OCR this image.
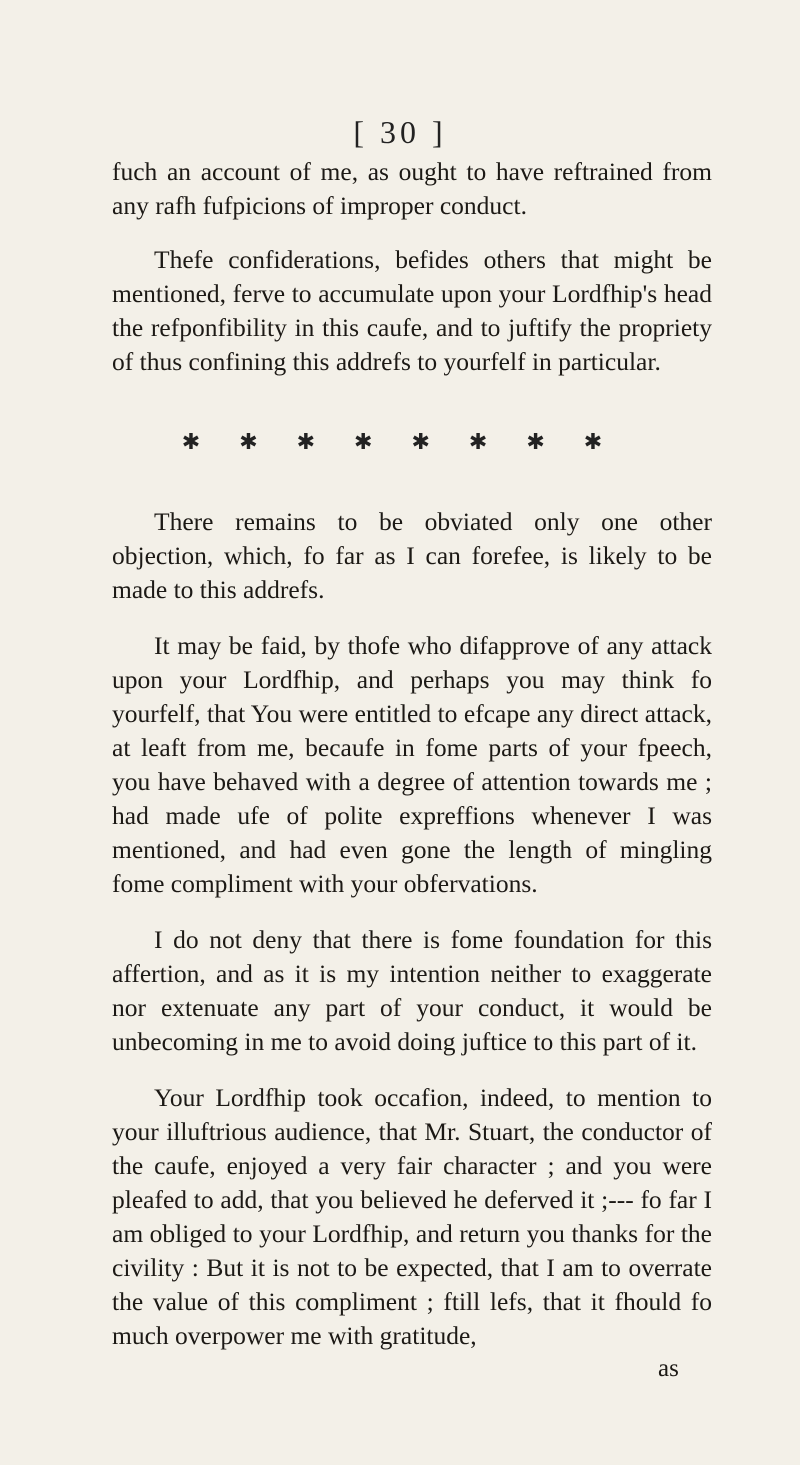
[ 30 ]

fuch an account of me, as ought to have reftrained from any rafh fufpicions of improper conduct.

Thefe confiderations, befides others that might be mentioned, ferve to accumulate upon your Lordfhip's head the refponfibility in this caufe, and to juftify the propriety of thus confining this addrefs to yourfelf in particular.

✱ ✱ ✱ ✱ ✱ ✱ ✱ ✱

There remains to be obviated only one other objection, which, fo far as I can forefee, is likely to be made to this addrefs.

It may be faid, by thofe who difapprove of any attack upon your Lordfhip, and perhaps you may think fo yourfelf, that You were entitled to efcape any direct attack, at leaft from me, becaufe in fome parts of your fpeech, you have behaved with a degree of attention towards me ; had made ufe of polite expreffions whenever I was mentioned, and had even gone the length of mingling fome compliment with your obfervations.

I do not deny that there is fome foundation for this affertion, and as it is my intention neither to exaggerate nor extenuate any part of your conduct, it would be unbecoming in me to avoid doing juftice to this part of it.

Your Lordfhip took occafion, indeed, to mention to your illuftrious audience, that Mr. Stuart, the conductor of the caufe, enjoyed a very fair character ; and you were pleafed to add, that you believed he deferved it ;--- fo far I am obliged to your Lordfhip, and return you thanks for the civility : But it is not to be expected, that I am to overrate the value of this compliment ; ftill lefs, that it fhould fo much overpower me with gratitude,

as
